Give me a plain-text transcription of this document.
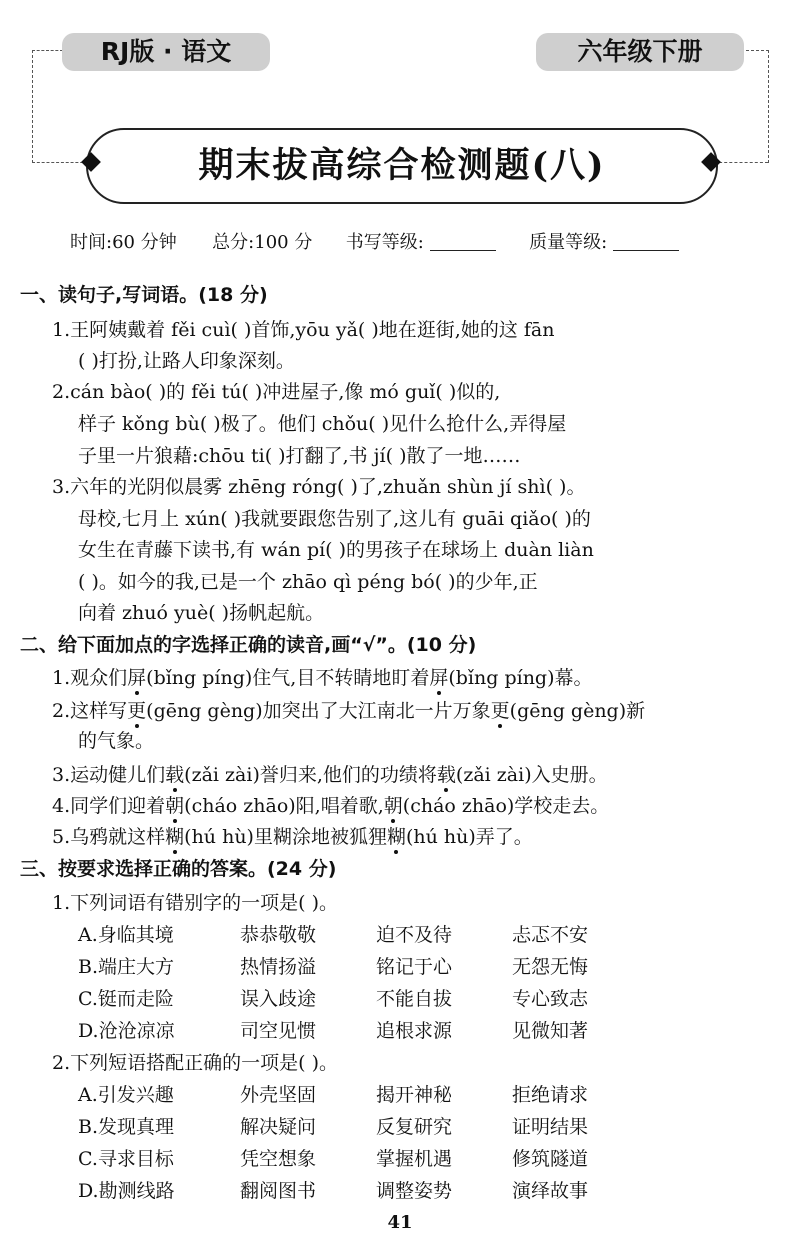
RJ版 · 语文	六年级下册
期末拔高综合检测题(八)
时间:60 分钟 总分:100 分 书写等级:	质量等级:
一、读句子,写词语。(18 分)
1.王阿姨戴着 fěi cuì( )首饰,yōu yǎ( )地在逛街,她的这 fān
( )打扮,让路人印象深刻。
2.cán bào( )的 fěi tú( )冲进屋子,像 mó guǐ( )似的,
样子 kǒng bù( )极了。他们 chǒu( )见什么抢什么,弄得屋
子里一片狼藉:chōu ti( )打翻了,书 jí( )散了一地……
3.六年的光阴似晨雾 zhēng róng( )了,zhuǎn shùn jí shì( )。
母校,七月上 xún( )我就要跟您告别了,这儿有 guāi qiǎo( )的
女生在青藤下读书,有 wán pí( )的男孩子在球场上 duàn liàn
( )。如今的我,已是一个 zhāo qì péng bó( )的少年,正
向着 zhuó yuè( )扬帆起航。
二、给下面加点的字选择正确的读音,画“√”。(10 分)
1.观众们屏(bǐng píng)住气,目不转睛地盯着屏(bǐng píng)幕。
2.这样写更(gēng gèng)加突出了大江南北一片万象更(gēng gèng)新
的气象。
3.运动健儿们载(zǎi zài)誉归来,他们的功绩将载(zǎi zài)入史册。
4.同学们迎着朝(cháo zhāo)阳,唱着歌,朝(cháo zhāo)学校走去。
5.乌鸦就这样糊(hú hù)里糊涂地被狐狸糊(hú hù)弄了。
三、按要求选择正确的答案。(24 分)
1.下列词语有错别字的一项是( )。
A.身临其境	恭恭敬敬	迫不及待	忐忑不安
B.端庄大方	热情扬溢	铭记于心	无怨无悔
C.铤而走险	误入歧途	不能自拔	专心致志
D.沧沧凉凉	司空见惯	追根求源	见微知著
2.下列短语搭配正确的一项是( )。
A.引发兴趣	外壳坚固	揭开神秘	拒绝请求
B.发现真理	解决疑问	反复研究	证明结果
C.寻求目标	凭空想象	掌握机遇	修筑隧道
D.勘测线路	翻阅图书	调整姿势	演绎故事
41
